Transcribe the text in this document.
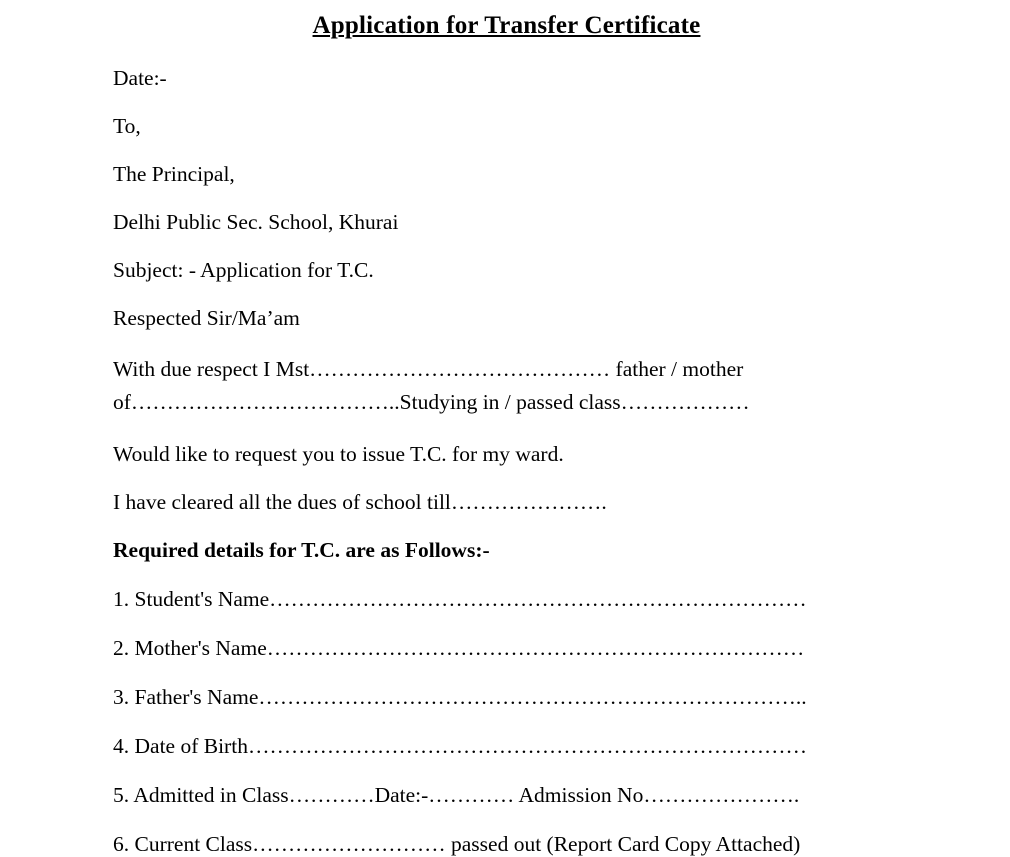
Application for Transfer Certificate

Date:-

To,

The Principal,

Delhi Public Sec. School, Khurai

Subject: - Application for T.C.

Respected Sir/Ma’am

With due respect I Mst…………………………………… father / mother
of………………………………..Studying in / passed class………………

Would like to request you to issue T.C. for my ward.

I have cleared all the dues of school till………………….

Required details for T.C. are as Follows:-

1. Student's Name…………………………………………………………………

2. Mother's Name…………………………………………………………………

3. Father's Name…………………………………………………………………..

4. Date of Birth……………………………………………………………………

5. Admitted in Class…………Date:-………… Admission No………………….

6. Current Class……………………… passed out (Report Card Copy Attached)
